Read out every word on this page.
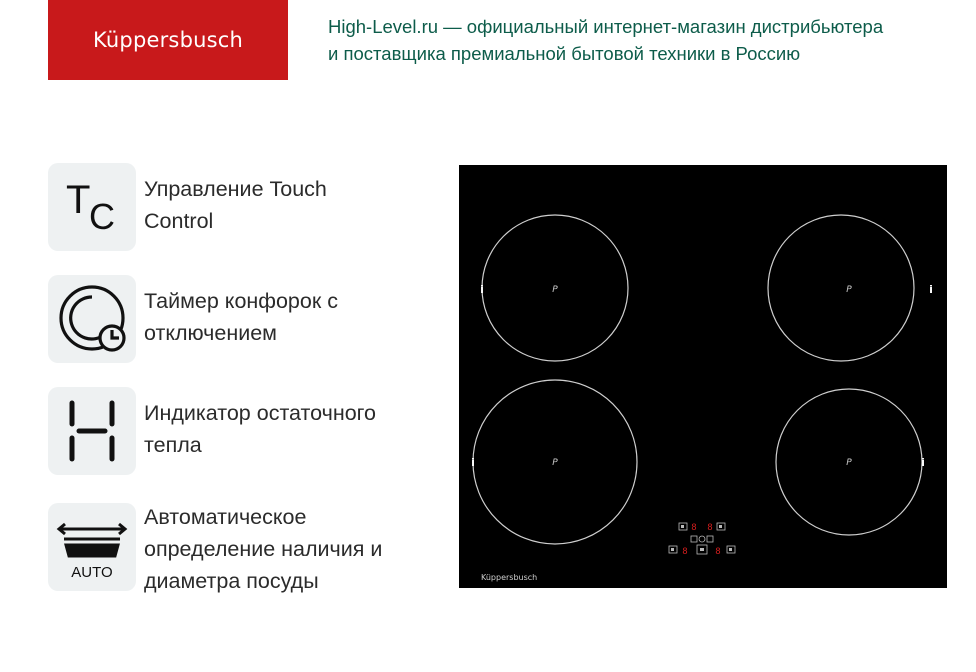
Küppersbusch
High-Level.ru — официальный интернет-магазин дистрибьютера
и поставщика премиальной бытовой техники в Россию
T
C
Управление Touch
Control
Таймер конфорок с
отключением
Индикатор остаточного
тепла
AUTO
Автоматическое
определение наличия и
диаметра посуды
P	P
P	P
i	i
i	i
8 8
8	8
Küppersbusch
